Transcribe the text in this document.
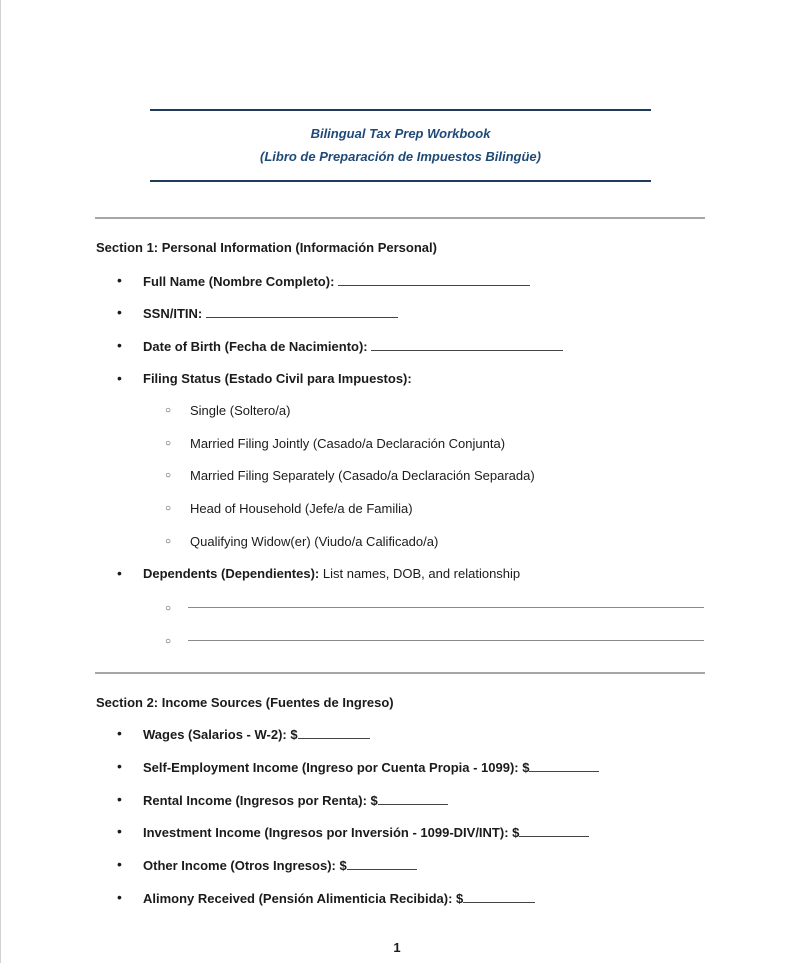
Bilingual Tax Prep Workbook
(Libro de Preparación de Impuestos Bilingüe)
Section 1: Personal Information (Información Personal)
• Full Name (Nombre Completo):
• SSN/ITIN:
• Date of Birth (Fecha de Nacimiento):
• Filing Status (Estado Civil para Impuestos):
○ Single (Soltero/a)
○ Married Filing Jointly (Casado/a Declaración Conjunta)
○ Married Filing Separately (Casado/a Declaración Separada)
○ Head of Household (Jefe/a de Familia)
○ Qualifying Widow(er) (Viudo/a Calificado/a)
• Dependents (Dependientes): List names, DOB, and relationship
○
○
Section 2: Income Sources (Fuentes de Ingreso)
• Wages (Salarios - W-2): $
• Self-Employment Income (Ingreso por Cuenta Propia - 1099): $
• Rental Income (Ingresos por Renta): $
• Investment Income (Ingresos por Inversión - 1099-DIV/INT): $
• Other Income (Otros Ingresos): $
• Alimony Received (Pensión Alimenticia Recibida): $
1
